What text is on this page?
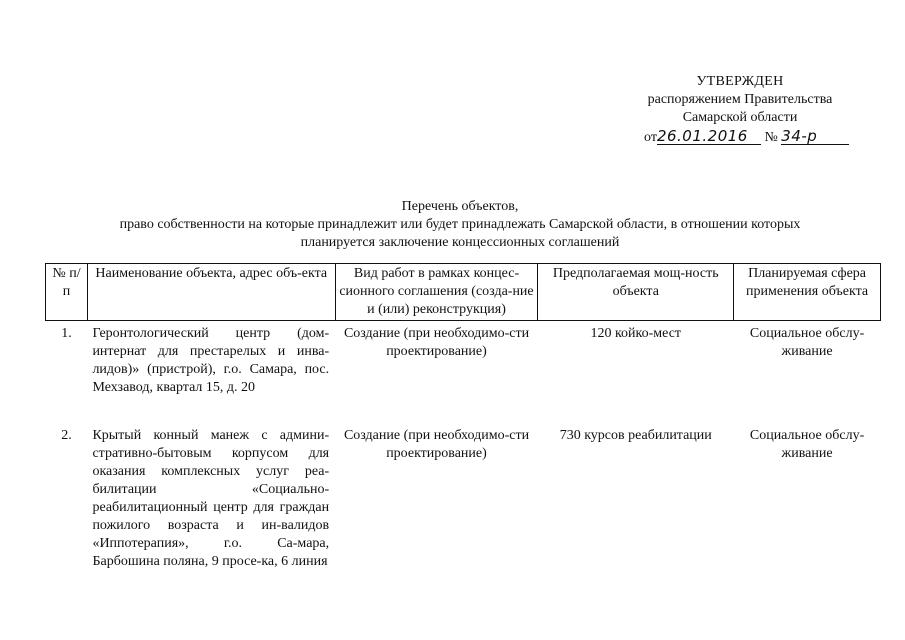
УТВЕРЖДЕН
распоряжением Правительства
Самарской области
от26.01.2016 № 34-р
Перечень объектов,
право собственности на которые принадлежит или будет принадлежать Самарской области, в отношении которых
планируется заключение концессионных соглашений
№ п/п	Наименование объекта, адрес объ-екта	Вид работ в рамках концес-сионного соглашения (созда-ние и (или) реконструкция)	Предполагаемая мощ-ность объекта	Планируемая сфера применения объекта
1.	Геронтологический центр (дом-интернат для престарелых и инва-лидов)» (пристрой), г.о. Самара, пос. Мехзавод, квартал 15, д. 20	Создание (при необходимо-сти проектирование)	120 койко-мест	Социальное обслу-живание
2.	Крытый конный манеж с админи-стративно-бытовым корпусом для оказания комплексных услуг реа-билитации «Социально-реабилитационный центр для граждан пожилого возраста и ин-валидов «Иппотерапия», г.о. Са-мара, Барбошина поляна, 9 просе-ка, 6 линия	Создание (при необходимо-сти проектирование)	730 курсов реабилитации	Социальное обслу-живание
